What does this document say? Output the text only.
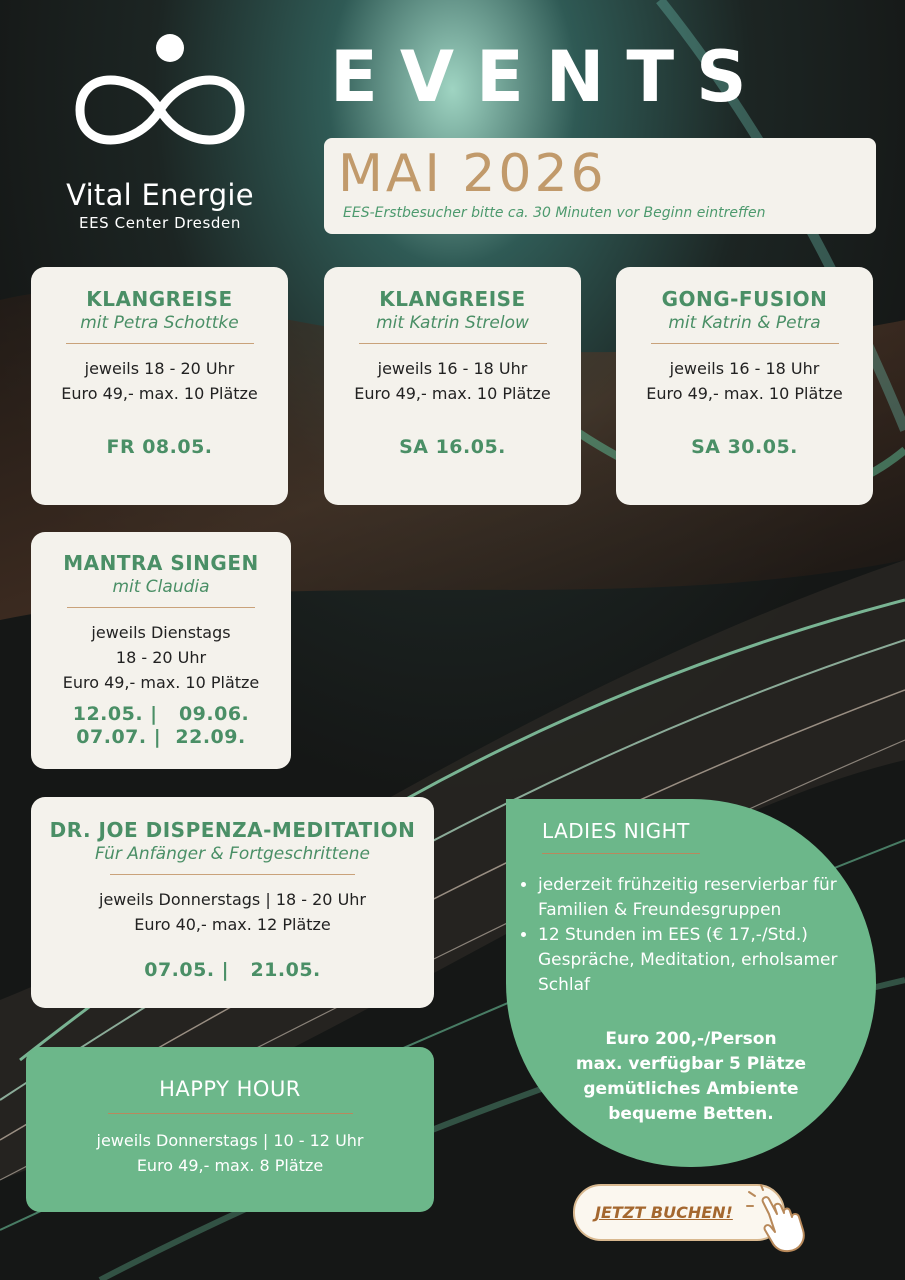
Vital Energie
EES Center Dresden
EVENTS
MAI 2026
EES-Erstbesucher bitte ca. 30 Minuten vor Beginn eintreffen
KLANGREISE
mit Petra Schottke
jeweils 18 - 20 Uhr
Euro 49,- max. 10 Plätze
FR 08.05.
KLANGREISE
mit Katrin Strelow
jeweils 16 - 18 Uhr
Euro 49,- max. 10 Plätze
SA 16.05.
GONG-FUSION
mit Katrin & Petra
jeweils 16 - 18 Uhr
Euro 49,- max. 10 Plätze
SA 30.05.
MANTRA SINGEN
mit Claudia
jeweils Dienstags
18 - 20 Uhr
Euro 49,- max. 10 Plätze
12.05. |   09.06.
07.07. |  22.09.
DR. JOE DISPENZA-MEDITATION
Für Anfänger & Fortgeschrittene
jeweils Donnerstags | 18 - 20 Uhr
Euro 40,- max. 12 Plätze
07.05. |   21.05.
LADIES NIGHT
• jederzeit frühzeitig reservierbar für Familien & Freundesgruppen
• 12 Stunden im EES (€ 17,-/Std.) Gespräche, Meditation, erholsamer Schlaf
Euro 200,-/Person
max. verfügbar 5 Plätze
gemütliches Ambiente
bequeme Betten.
HAPPY HOUR
jeweils Donnerstags | 10 - 12 Uhr
Euro 49,- max. 8 Plätze
JETZT BUCHEN!
